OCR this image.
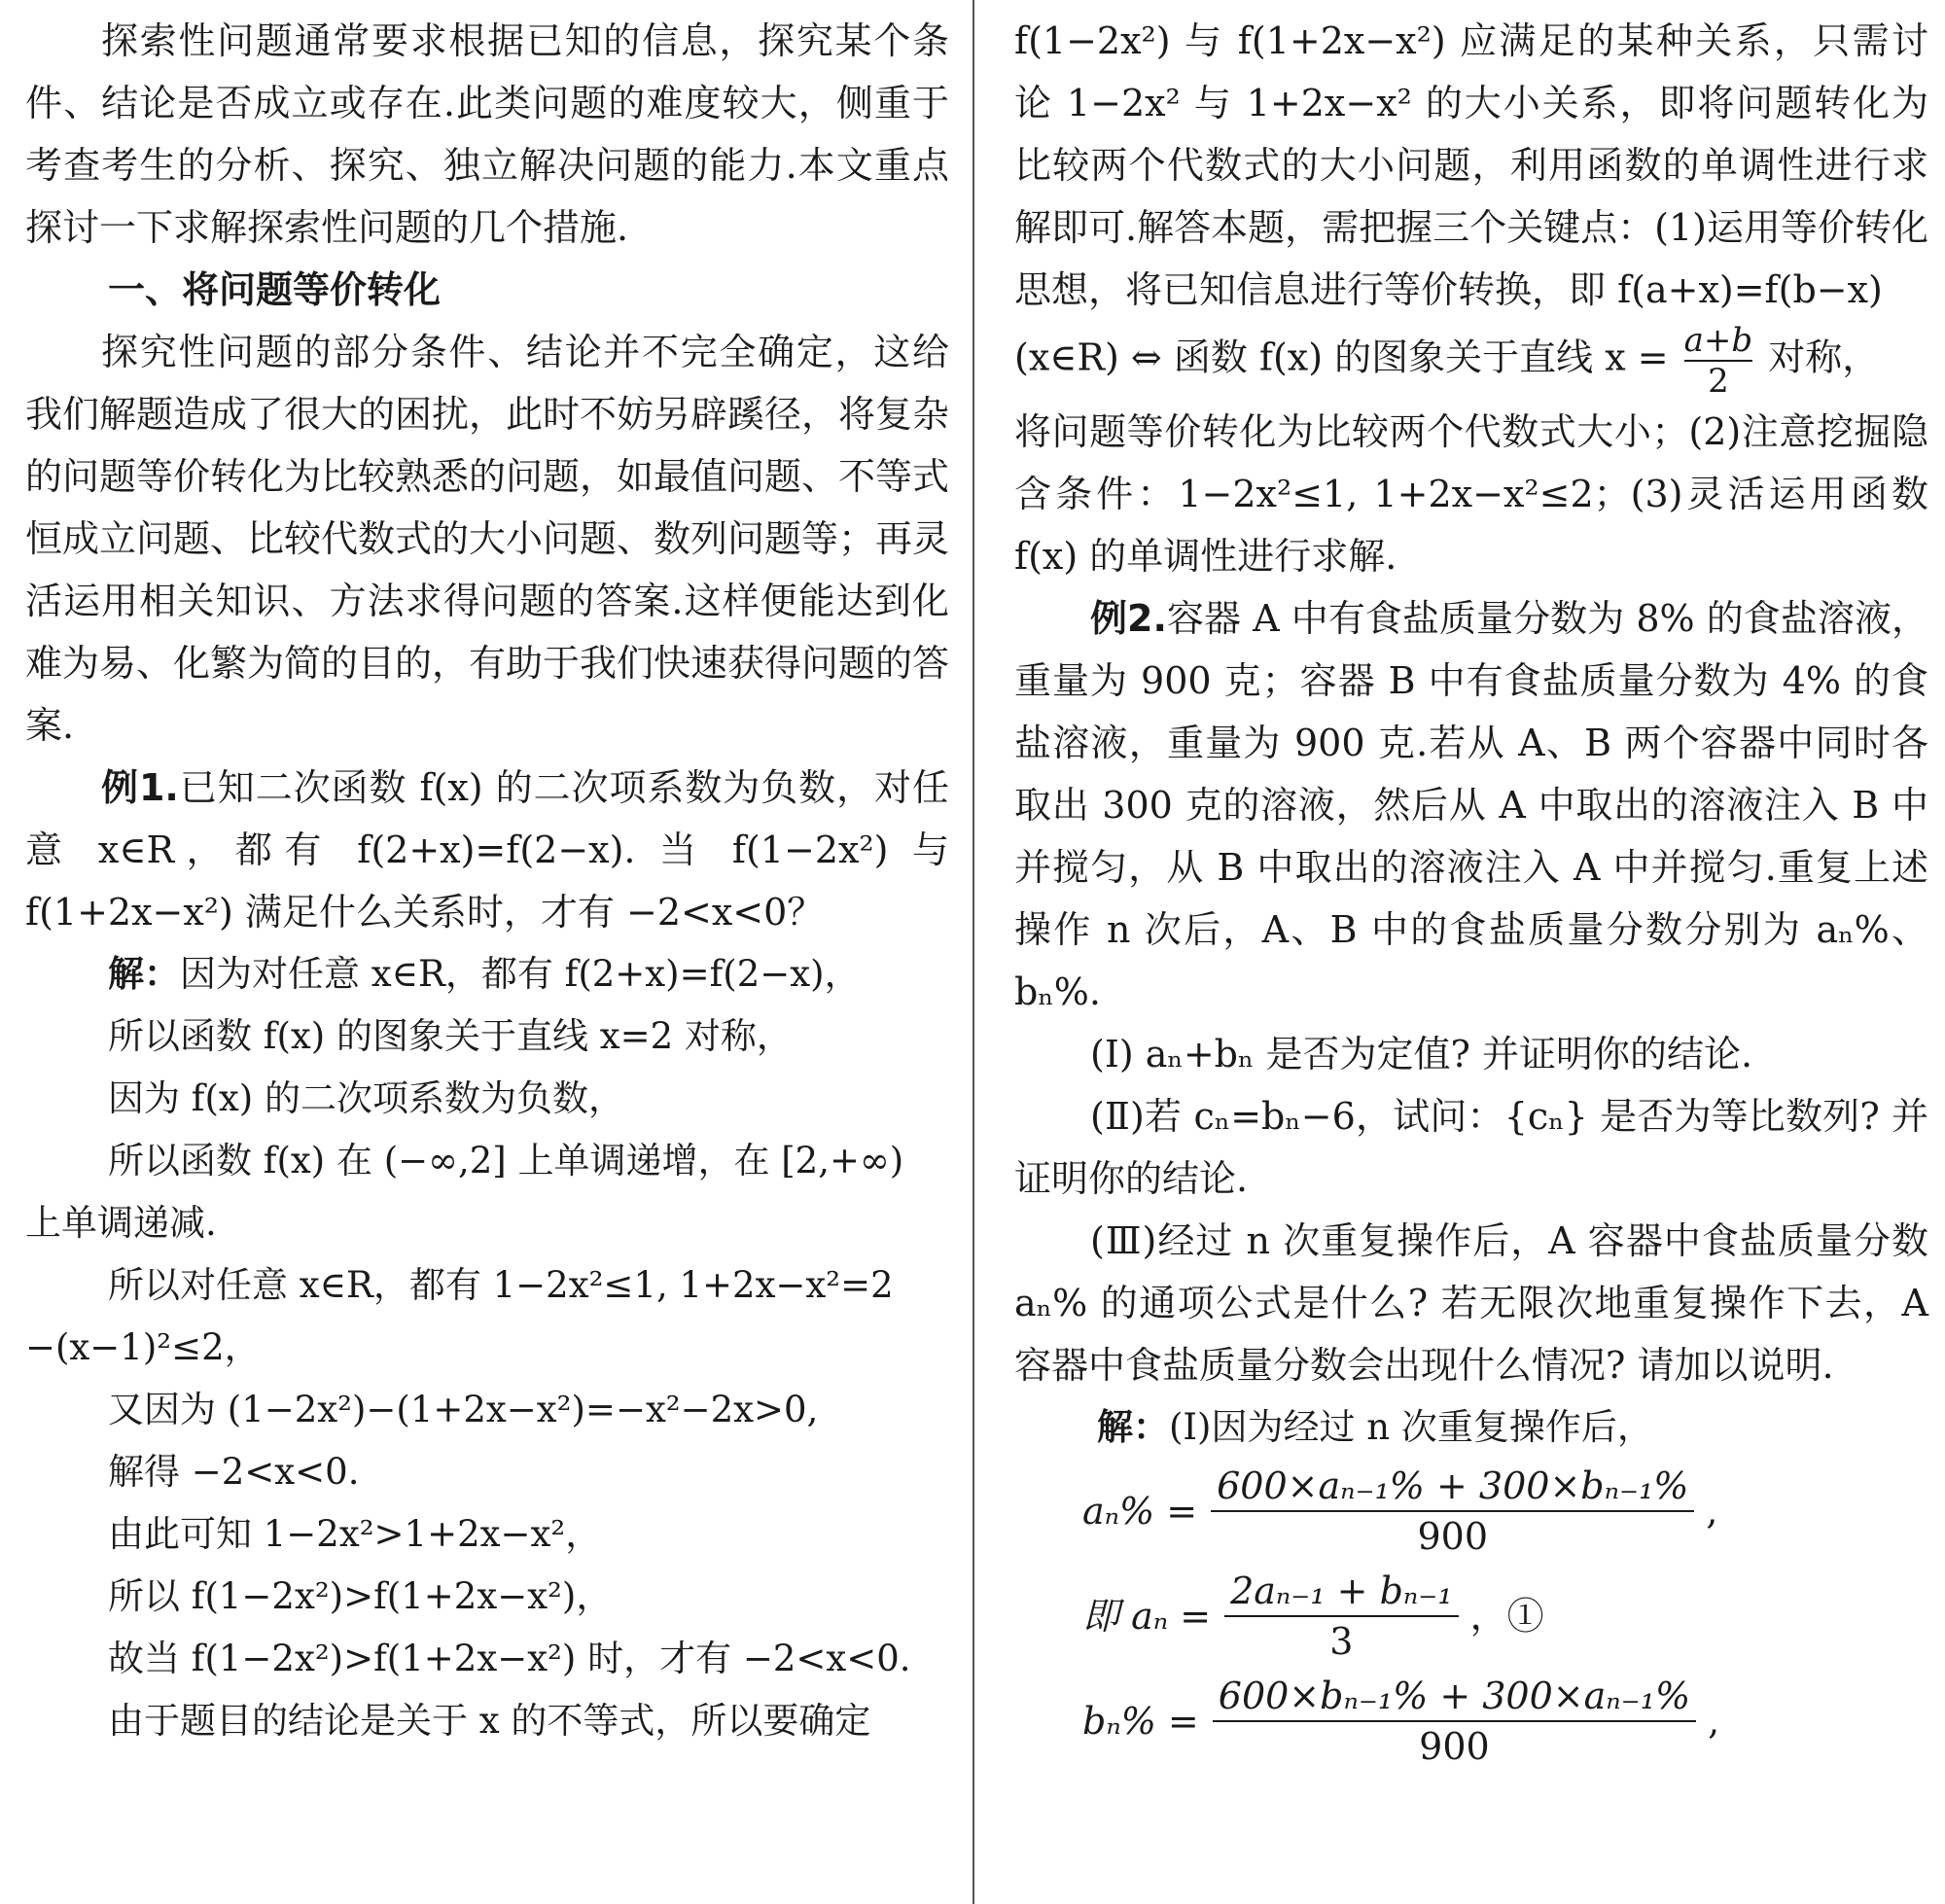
探索性问题通常要求根据已知的信息，探究某个条件、结论是否成立或存在.此类问题的难度较大，侧重于考查考生的分析、探究、独立解决问题的能力.本文重点探讨一下求解探索性问题的几个措施.

一、将问题等价转化

探究性问题的部分条件、结论并不完全确定，这给我们解题造成了很大的困扰，此时不妨另辟蹊径，将复杂的问题等价转化为比较熟悉的问题，如最值问题、不等式恒成立问题、比较代数式的大小问题、数列问题等；再灵活运用相关知识、方法求得问题的答案.这样便能达到化难为易、化繁为简的目的，有助于我们快速获得问题的答案.

例1.已知二次函数 f(x) 的二次项系数为负数，对任意 x∈R，都有 f(2+x)=f(2−x). 当 f(1−2x²) 与 f(1+2x−x²) 满足什么关系时，才有 −2<x<0？

解：因为对任意 x∈R，都有 f(2+x)=f(2−x)，

所以函数 f(x) 的图象关于直线 x=2 对称，

因为 f(x) 的二次项系数为负数，

所以函数 f(x) 在 (−∞,2] 上单调递增，在 [2,+∞)

上单调递减.

所以对任意 x∈R，都有 1−2x²≤1, 1+2x−x²=2

−(x−1)²≤2，

又因为 (1−2x²)−(1+2x−x²)=−x²−2x>0,

解得 −2<x<0.

由此可知 1−2x²>1+2x−x²，

所以 f(1−2x²)>f(1+2x−x²)，

故当 f(1−2x²)>f(1+2x−x²) 时，才有 −2<x<0.

由于题目的结论是关于 x 的不等式，所以要确定

f(1−2x²) 与 f(1+2x−x²) 应满足的某种关系，只需讨论 1−2x² 与 1+2x−x² 的大小关系，即将问题转化为比较两个代数式的大小问题，利用函数的单调性进行求解即可.解答本题，需把握三个关键点：(1)运用等价转化思想，将已知信息进行等价转换，即 f(a+x)=f(b−x)

(x∈R) ⇔ 函数 f(x) 的图象关于直线 $x = \frac{a+b}{2}$ 对称，

将问题等价转化为比较两个代数式大小；(2)注意挖掘隐含条件：1−2x²≤1, 1+2x−x²≤2；(3)灵活运用函数 f(x) 的单调性进行求解.

例2.容器 A 中有食盐质量分数为 8% 的食盐溶液，重量为 900 克；容器 B 中有食盐质量分数为 4% 的食盐溶液，重量为 900 克.若从 A、B 两个容器中同时各取出 300 克的溶液，然后从 A 中取出的溶液注入 B 中并搅匀，从 B 中取出的溶液注入 A 中并搅匀.重复上述操作 n 次后，A、B 中的食盐质量分数分别为 aₙ%、bₙ%.

(Ⅰ) aₙ+bₙ 是否为定值? 并证明你的结论.

(Ⅱ)若 cₙ=bₙ−6，试问：{cₙ} 是否为等比数列? 并证明你的结论.

(Ⅲ)经过 n 次重复操作后，A 容器中食盐质量分数 aₙ% 的通项公式是什么? 若无限次地重复操作下去，A 容器中食盐质量分数会出现什么情况? 请加以说明.

解：(Ⅰ)因为经过 n 次重复操作后，

$a_n\% = \frac{\text{600×aₙ₋₁\% + 300×bₙ₋₁\%}}{900}$ ,
即 $a_n = \frac{\text{2aₙ₋₁ + bₙ₋₁}}{3}$ ，①
$b_n\% = \frac{\text{600×bₙ₋₁\% + 300×aₙ₋₁\%}}{900}$ ,
